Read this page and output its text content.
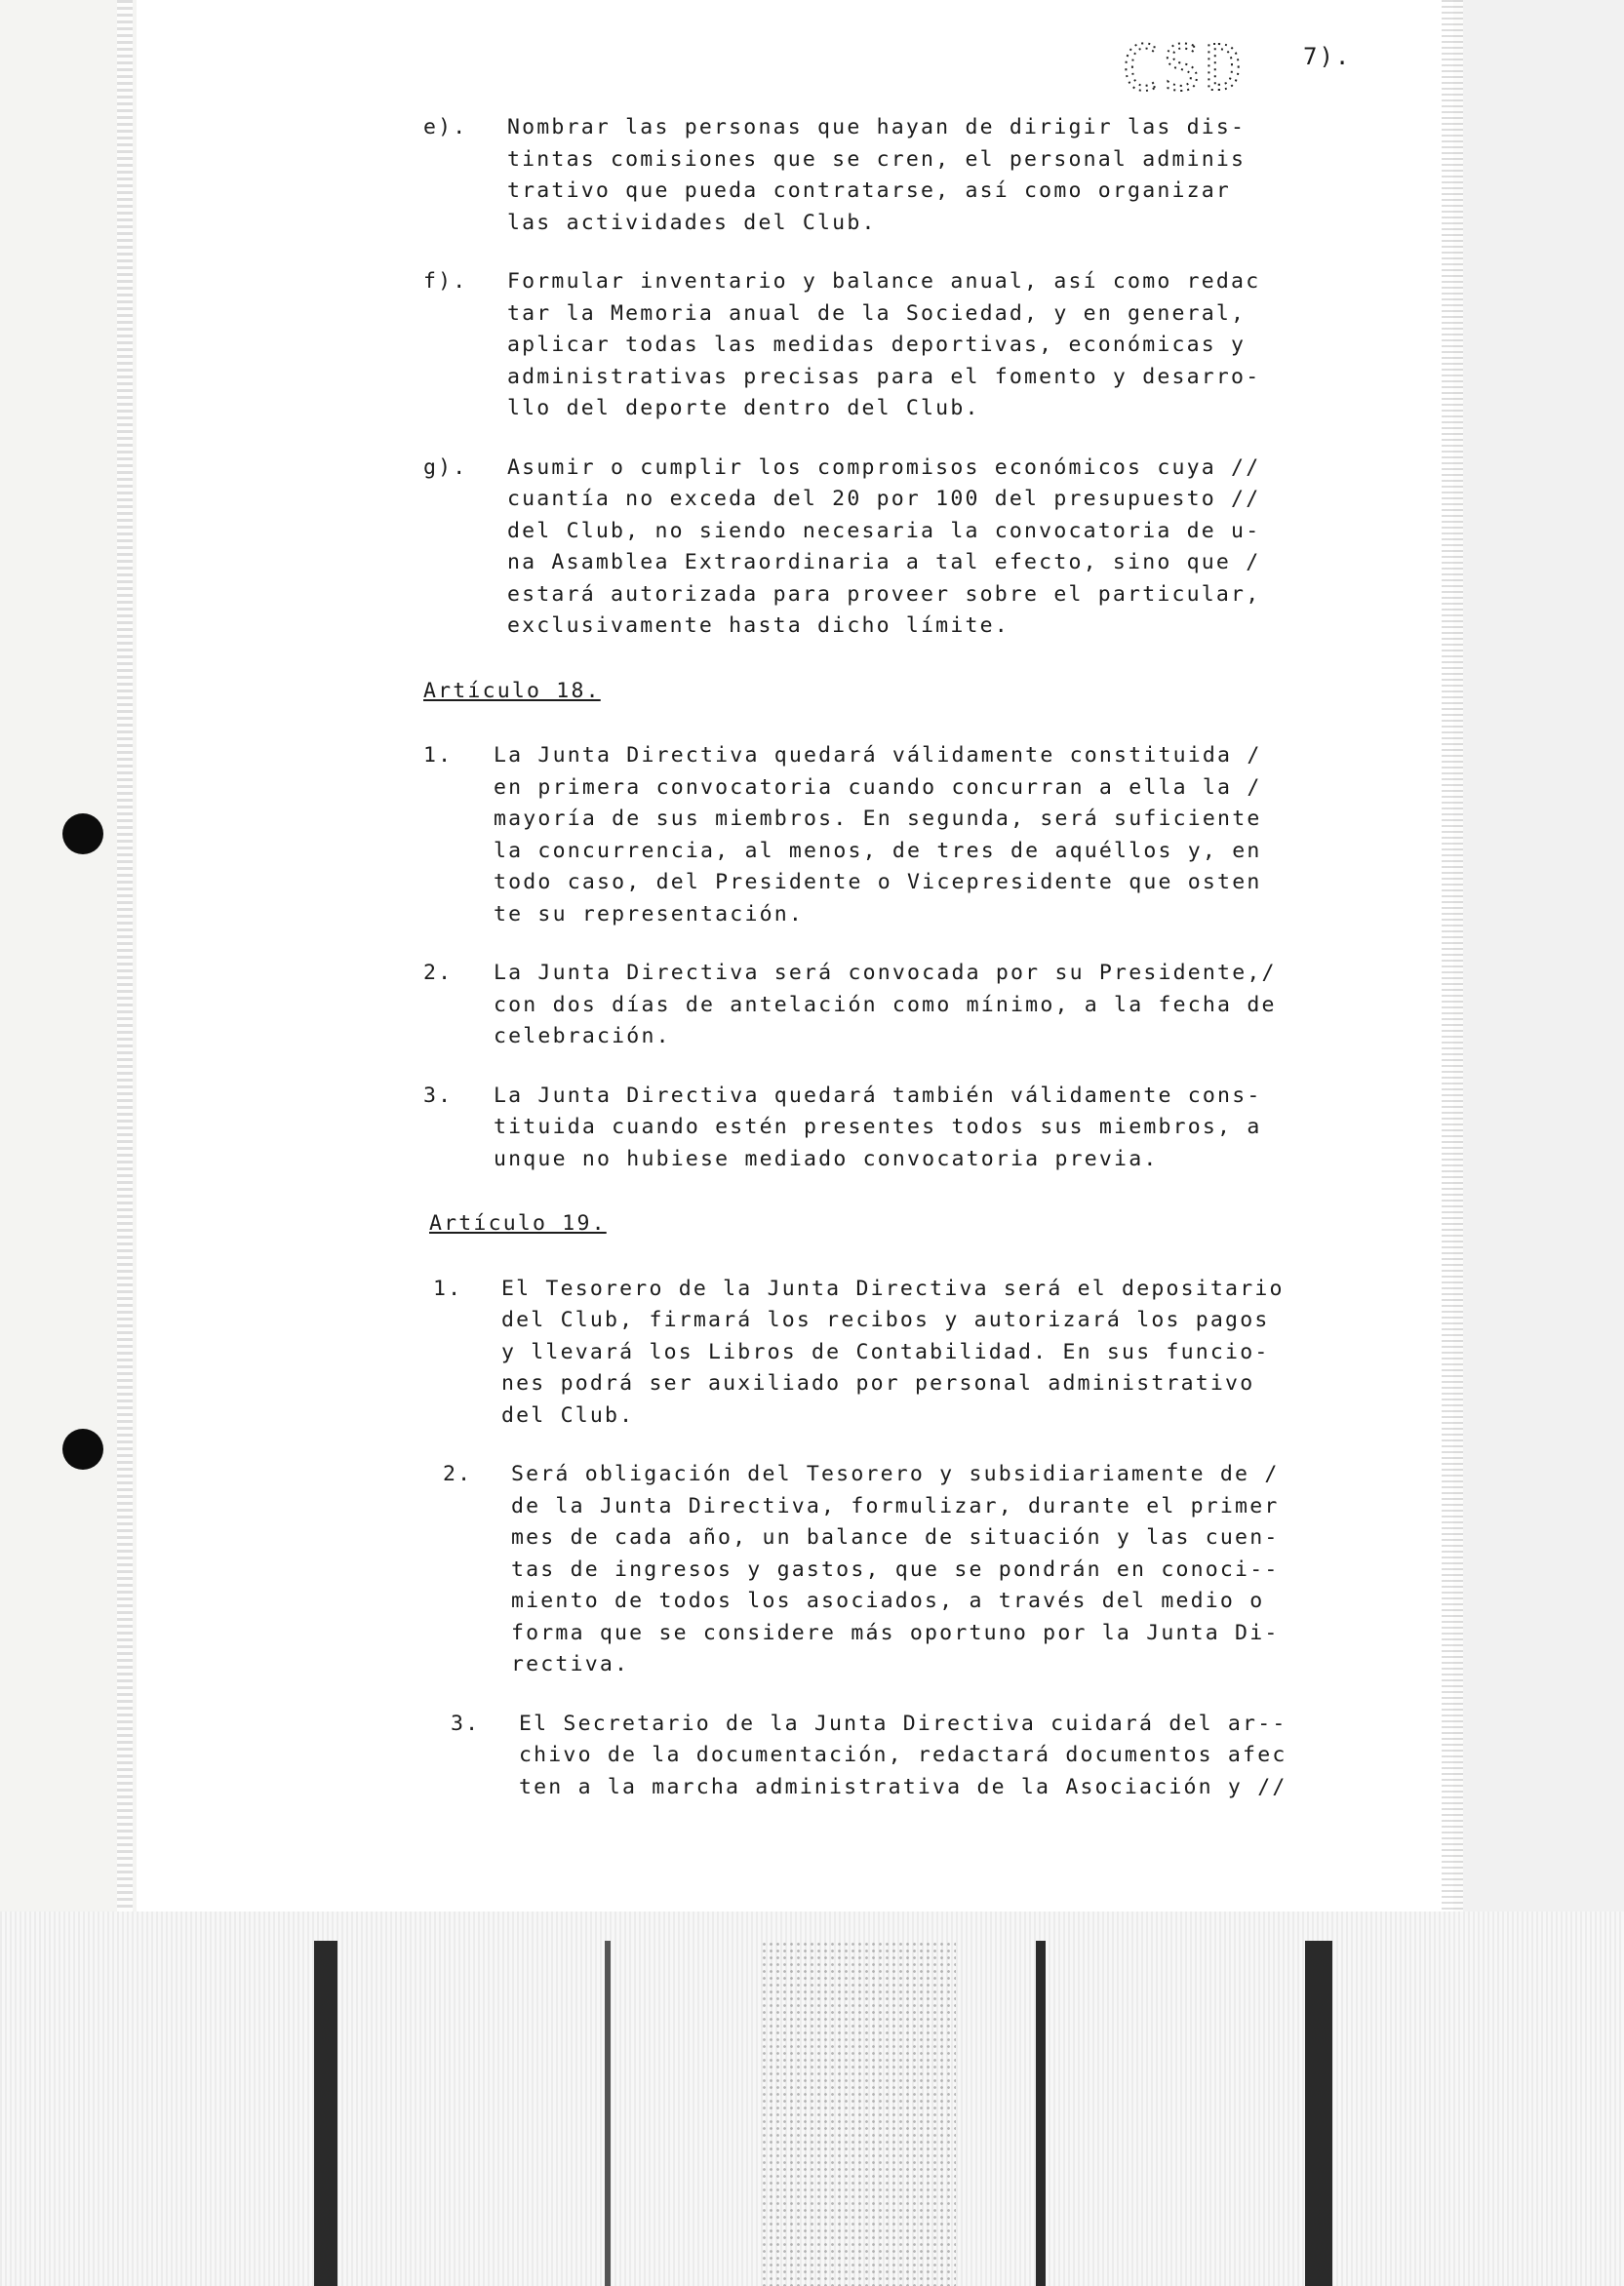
CSD 7).
e). Nombrar las personas que hayan de dirigir las dis-
tintas comisiones que se cren, el personal adminis
trativo que pueda contratarse, así como organizar
las actividades del Club.
f). Formular inventario y balance anual, así como redac
tar la Memoria anual de la Sociedad, y en general,
aplicar todas las medidas deportivas, económicas y
administrativas precisas para el fomento y desarro-
llo del deporte dentro del Club.
g). Asumir o cumplir los compromisos económicos cuya //
cuantía no exceda del 20 por 100 del presupuesto //
del Club, no siendo necesaria la convocatoria de u-
na Asamblea Extraordinaria a tal efecto, sino que /
estará autorizada para proveer sobre el particular,
exclusivamente hasta dicho límite.
Artículo 18.
1. La Junta Directiva quedará válidamente constituida /
en primera convocatoria cuando concurran a ella la /
mayoría de sus miembros. En segunda, será suficiente
la concurrencia, al menos, de tres de aquéllos y, en
todo caso, del Presidente o Vicepresidente que osten
te su representación.
2. La Junta Directiva será convocada por su Presidente,/
con dos días de antelación como mínimo, a la fecha de
celebración.
3. La Junta Directiva quedará también válidamente cons-
tituida cuando estén presentes todos sus miembros, a
unque no hubiese mediado convocatoria previa.
Artículo 19.
1. El Tesorero de la Junta Directiva será el depositario
del Club, firmará los recibos y autorizará los pagos
y llevará los Libros de Contabilidad. En sus funcio-
nes podrá ser auxiliado por personal administrativo
del Club.
2. Será obligación del Tesorero y subsidiariamente de /
de la Junta Directiva, formulizar, durante el primer
mes de cada año, un balance de situación y las cuen-
tas de ingresos y gastos, que se pondrán en conoci--
miento de todos los asociados, a través del medio o
forma que se considere más oportuno por la Junta Di-
rectiva.
3. El Secretario de la Junta Directiva cuidará del ar--
chivo de la documentación, redactará documentos afec
ten a la marcha administrativa de la Asociación y //
